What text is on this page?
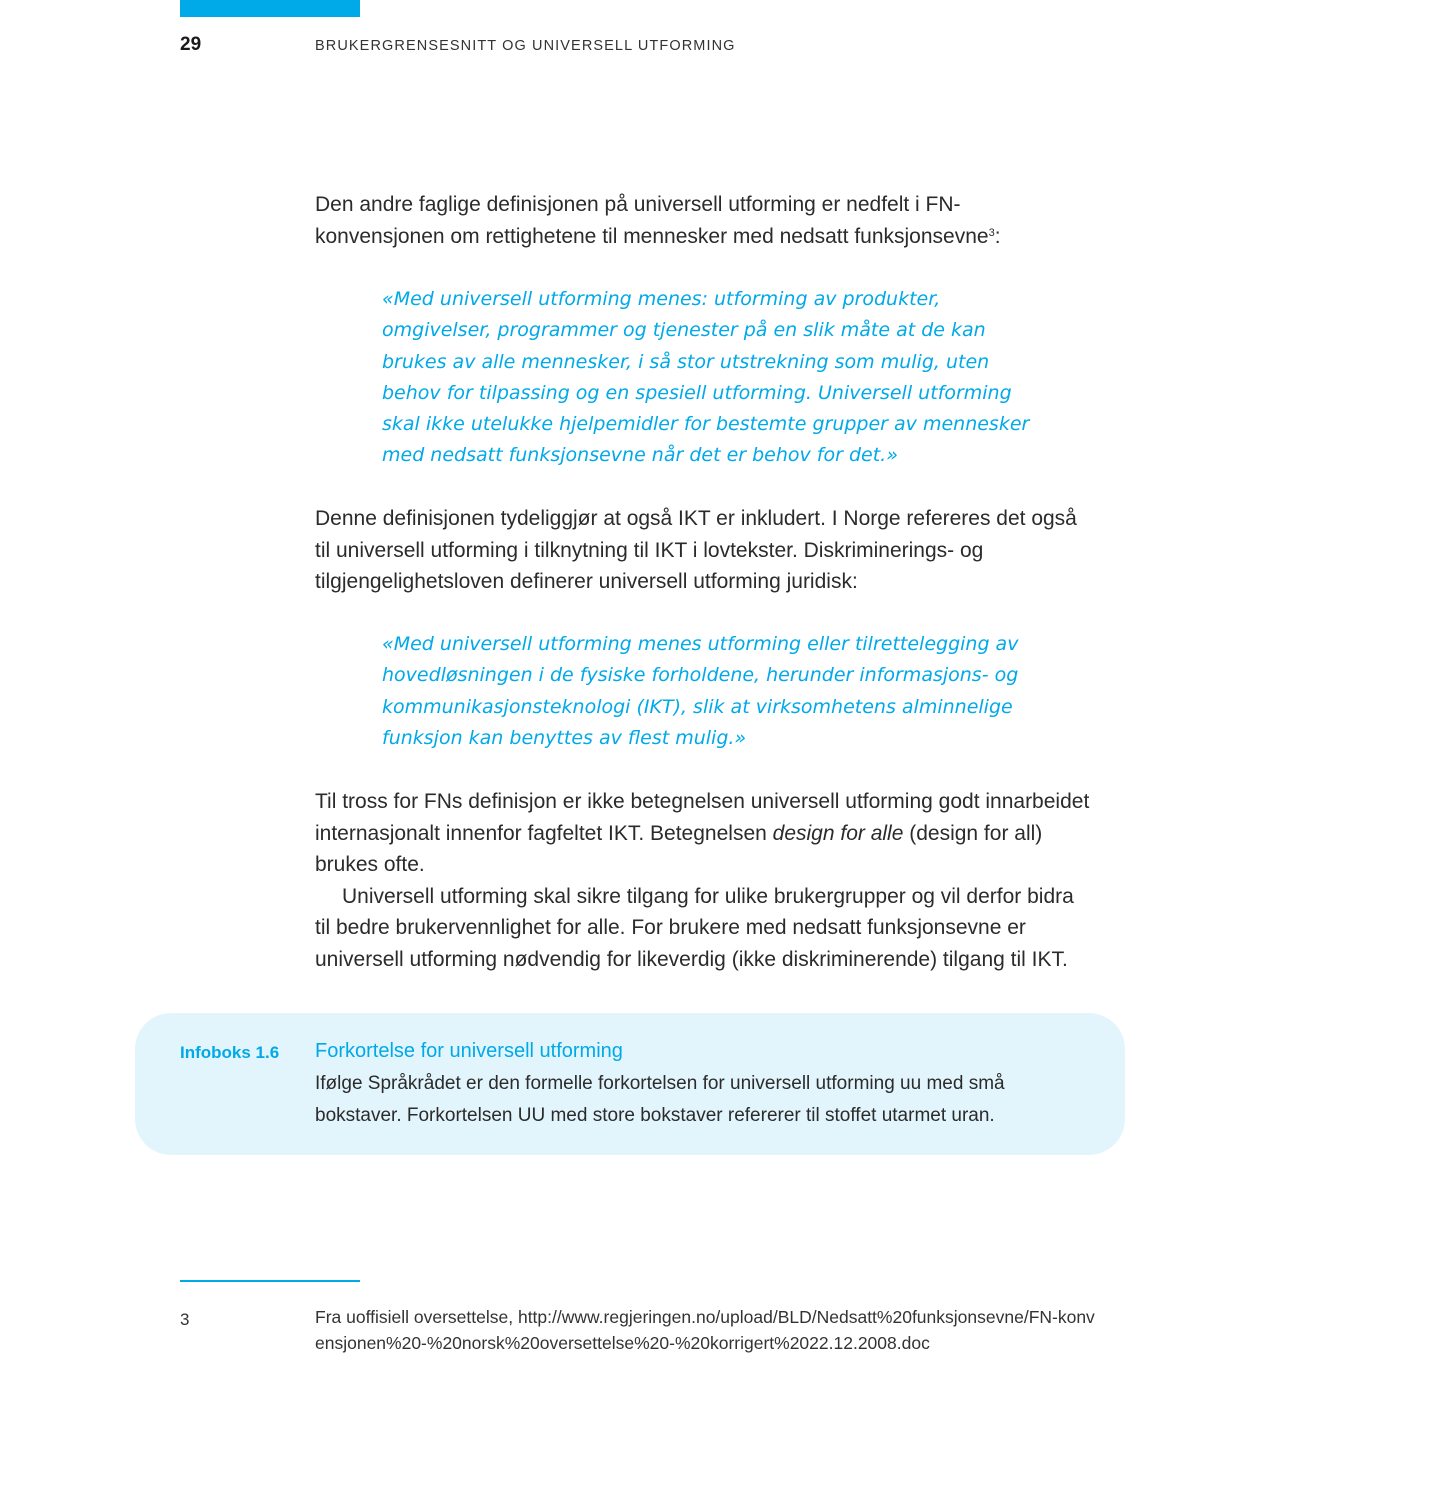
29	BRUKERGRENSESNITT OG UNIVERSELL UTFORMING

Den andre faglige definisjonen på universell utforming er nedfelt i FN-konvensjonen om rettighetene til mennesker med nedsatt funksjonsevne$^3$:

«Med universell utforming menes: utforming av produkter, omgivelser, programmer og tjenester på en slik måte at de kan brukes av alle mennesker, i så stor utstrekning som mulig, uten behov for tilpassing og en spesiell utforming. Universell utforming skal ikke utelukke hjelpemidler for bestemte grupper av mennesker med nedsatt funksjonsevne når det er behov for det.»

Denne definisjonen tydeliggjør at også IKT er inkludert. I Norge refereres det også til universell utforming i tilknytning til IKT i lovtekster. Diskriminerings- og tilgjengelighetsloven definerer universell utforming juridisk:

«Med universell utforming menes utforming eller tilrettelegging av hovedløsningen i de fysiske forholdene, herunder informasjons- og kommunikasjonsteknologi (IKT), slik at virksomhetens alminnelige funksjon kan benyttes av flest mulig.»

Til tross for FNs definisjon er ikke betegnelsen universell utforming godt innarbeidet internasjonalt innenfor fagfeltet IKT. Betegnelsen design for alle (design for all) brukes ofte.

Universell utforming skal sikre tilgang for ulike brukergrupper og vil derfor bidra til bedre brukervennlighet for alle. For brukere med nedsatt funksjonsevne er universell utforming nødvendig for likeverdig (ikke diskriminerende) tilgang til IKT.

Infoboks 1.6 Forkortelse for universell utforming
Ifølge Språkrådet er den formelle forkortelsen for universell utforming uu med små bokstaver. Forkortelsen UU med store bokstaver refererer til stoffet utarmet uran.
3	Fra uoffisiell oversettelse, http://www.regjeringen.no/upload/BLD/Nedsatt%20funksjonsevne/FN-konvensjonen%20-%20norsk%20oversettelse%20-%20korrigert%2022.12.2008.doc
